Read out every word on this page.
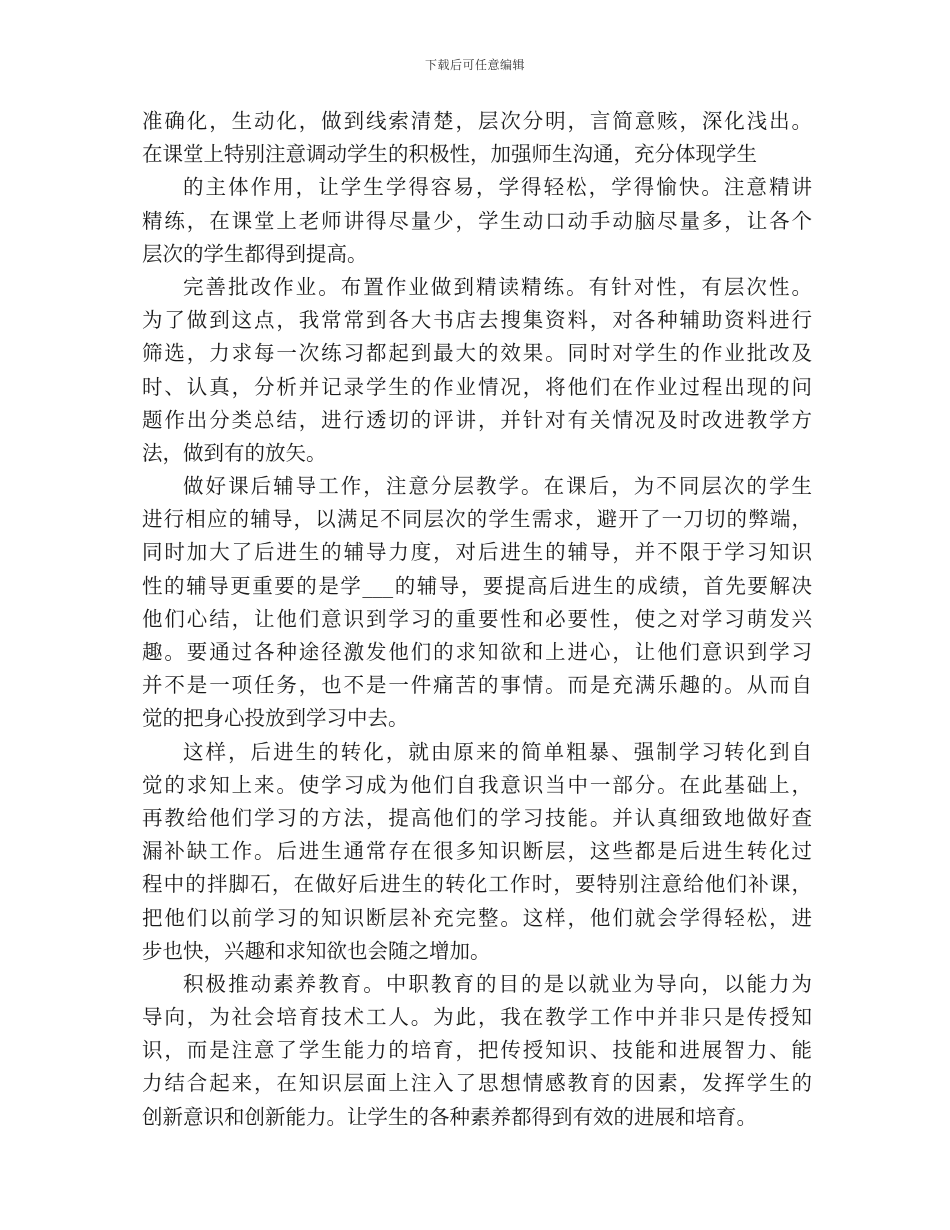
下载后可任意编辑
准确化，生动化，做到线索清楚，层次分明，言简意赅，深化浅出。
在课堂上特别注意调动学生的积极性，加强师生沟通，充分体现学生
的主体作用，让学生学得容易，学得轻松，学得愉快。注意精讲
精练，在课堂上老师讲得尽量少，学生动口动手动脑尽量多，让各个
层次的学生都得到提高。
完善批改作业。布置作业做到精读精练。有针对性，有层次性。
为了做到这点，我常常到各大书店去搜集资料，对各种辅助资料进行
筛选，力求每一次练习都起到最大的效果。同时对学生的作业批改及
时、认真，分析并记录学生的作业情况，将他们在作业过程出现的问
题作出分类总结，进行透切的评讲，并针对有关情况及时改进教学方
法，做到有的放矢。
做好课后辅导工作，注意分层教学。在课后，为不同层次的学生
进行相应的辅导，以满足不同层次的学生需求，避开了一刀切的弊端，
同时加大了后进生的辅导力度，对后进生的辅导，并不限于学习知识
性的辅导更重要的是学___的辅导，要提高后进生的成绩，首先要解决
他们心结，让他们意识到学习的重要性和必要性，使之对学习萌发兴
趣。要通过各种途径激发他们的求知欲和上进心，让他们意识到学习
并不是一项任务，也不是一件痛苦的事情。而是充满乐趣的。从而自
觉的把身心投放到学习中去。
这样，后进生的转化，就由原来的简单粗暴、强制学习转化到自
觉的求知上来。使学习成为他们自我意识当中一部分。在此基础上，
再教给他们学习的方法，提高他们的学习技能。并认真细致地做好查
漏补缺工作。后进生通常存在很多知识断层，这些都是后进生转化过
程中的拌脚石，在做好后进生的转化工作时，要特别注意给他们补课，
把他们以前学习的知识断层补充完整。这样，他们就会学得轻松，进
步也快，兴趣和求知欲也会随之增加。
积极推动素养教育。中职教育的目的是以就业为导向，以能力为
导向，为社会培育技术工人。为此，我在教学工作中并非只是传授知
识，而是注意了学生能力的培育，把传授知识、技能和进展智力、能
力结合起来，在知识层面上注入了思想情感教育的因素，发挥学生的
创新意识和创新能力。让学生的各种素养都得到有效的进展和培育。
